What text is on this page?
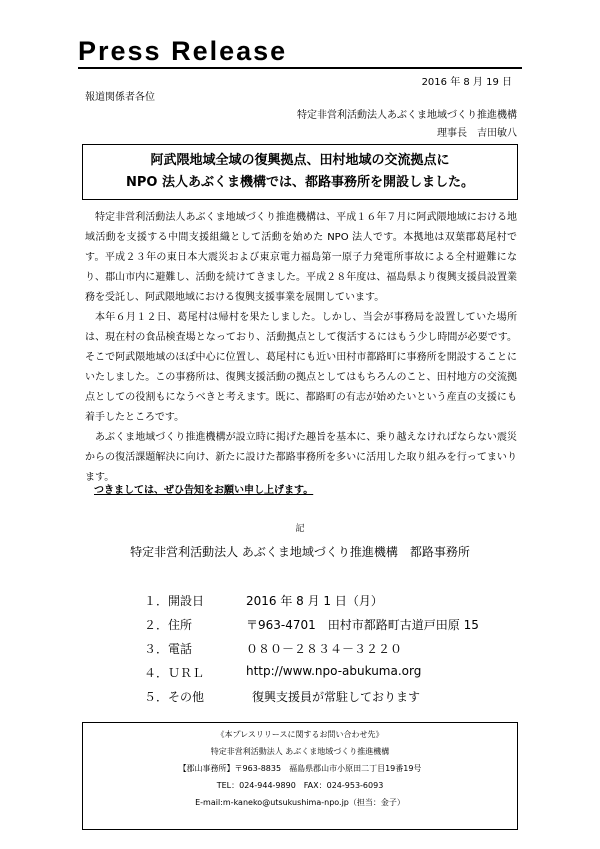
Press Release
2016 年 8 月 19 日
報道関係者各位
特定非営利活動法人あぶくま地域づくり推進機構
理事長　吉田敏八
阿武隈地域全域の復興拠点、田村地域の交流拠点に
NPO 法人あぶくま機構では、都路事務所を開設しました。

特定非営利活動法人あぶくま地域づくり推進機構は、平成１６年７月に阿武隈地域における地域活動を支援する中間支援組織として活動を始めた NPO 法人です。本拠地は双葉郡葛尾村です。平成２３年の東日本大震災および東京電力福島第一原子力発電所事故による全村避難になり、郡山市内に避難し、活動を続けてきました。平成２８年度は、福島県より復興支援員設置業務を受託し、阿武隈地域における復興支援事業を展開しています。

本年６月１２日、葛尾村は帰村を果たしました。しかし、当会が事務局を設置していた場所は、現在村の食品検査場となっており、活動拠点として復活するにはもう少し時間が必要です。そこで阿武隈地域のほぼ中心に位置し、葛尾村にも近い田村市都路町に事務所を開設することにいたしました。この事務所は、復興支援活動の拠点としてはもちろんのこと、田村地方の交流拠点としての役割もになうべきと考えます。既に、都路町の有志が始めたいという産直の支援にも着手したところです。

あぶくま地域づくり推進機構が設立時に掲げた趣旨を基本に、乗り越えなければならない震災からの復活課題解決に向け、新たに設けた都路事務所を多いに活用した取り組みを行ってまいります。

つきましては、ぜひ告知をお願い申し上げます。
記
特定非営利活動法人 あぶくま地域づくり推進機構　都路事務所
１．開設日	2016 年 8 月 1 日（月）
２．住所	〒963-4701　田村市都路町古道戸田原 15
３．電話	０８０－２８３４－３２２０
４．ＵＲＬ	http://www.npo-abukuma.org
５．その他	復興支援員が常駐しております
《本プレスリリースに関するお問い合わせ先》
特定非営利活動法人 あぶくま地域づくり推進機構
【郡山事務所】〒963-8835　福島県郡山市小原田二丁目19番19号
TEL：024-944-9890　FAX：024-953-6093
E-mail:m-kaneko@utsukushima-npo.jp（担当：金子）
